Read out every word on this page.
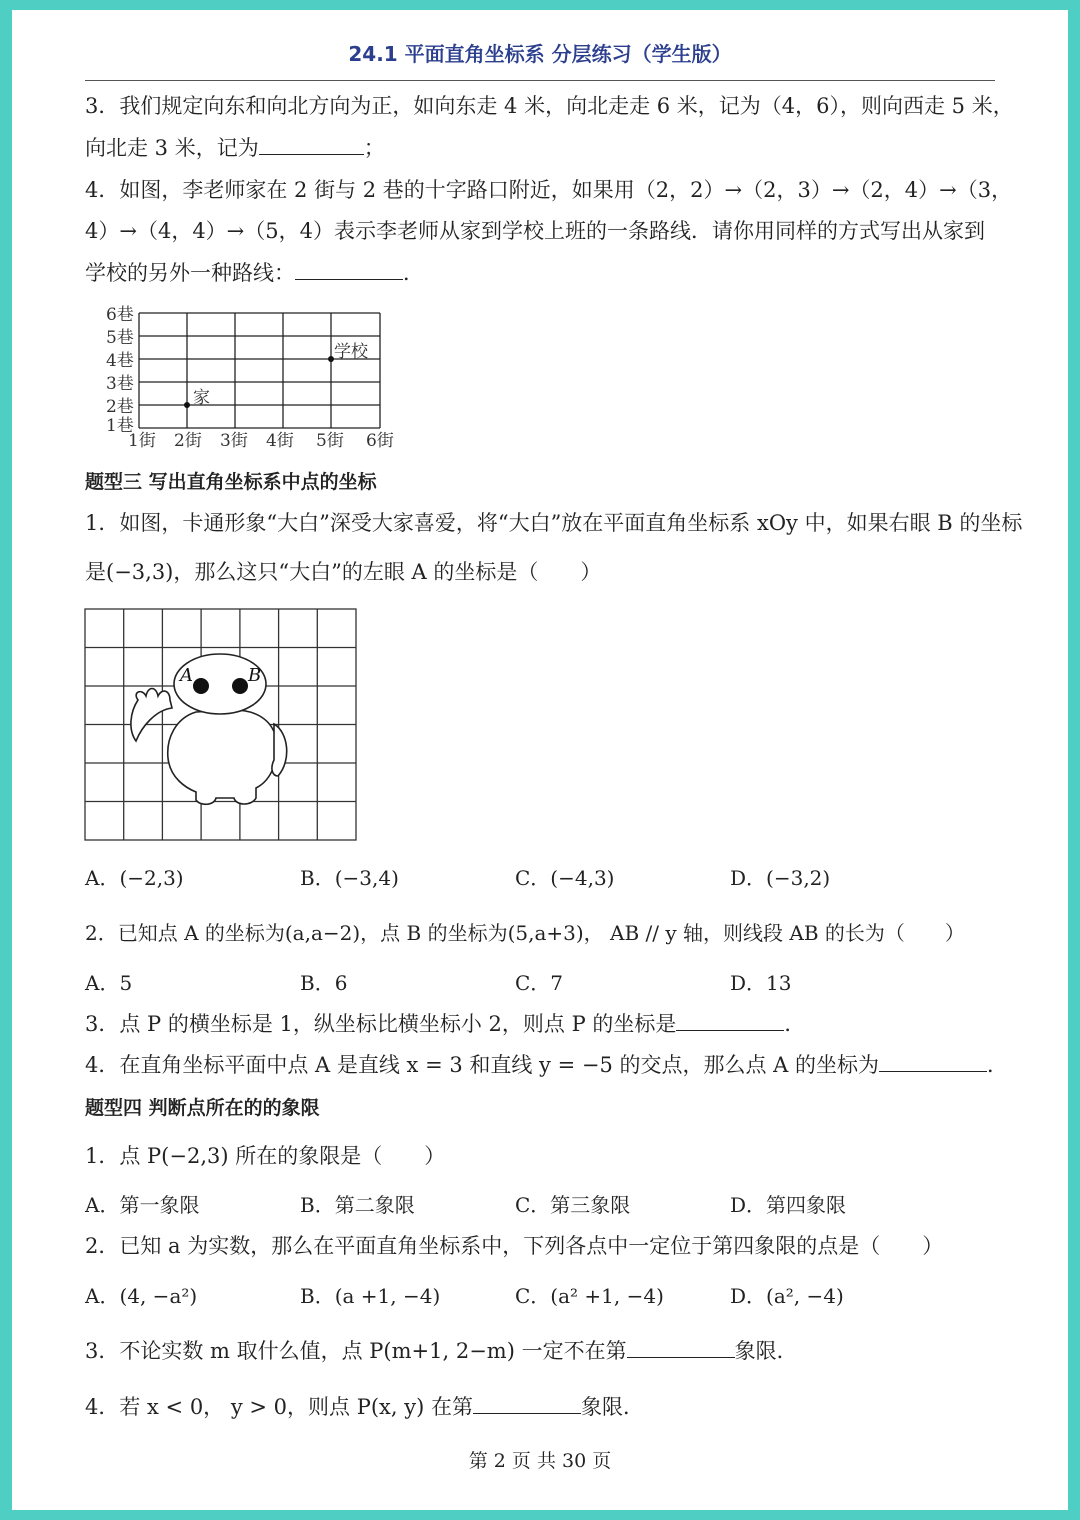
24.1 平面直角坐标系 分层练习（学生版）
3．我们规定向东和向北方向为正，如向东走 4 米，向北走走 6 米，记为（4，6），则向西走 5 米，
向北走 3 米，记为	；
4．如图，李老师家在 2 街与 2 巷的十字路口附近，如果用（2，2）→（2，3）→（2，4）→（3，
4）→（4，4）→（5，4）表示李老师从家到学校上班的一条路线．请你用同样的方式写出从家到
学校的另外一种路线：	．
6巷
5巷
4巷
3巷
2巷
1巷
1街 2街 3街 4街 5街 6街
学校
家
题型三 写出直角坐标系中点的坐标
1．如图，卡通形象“大白”深受大家喜爱，将“大白”放在平面直角坐标系 xOy 中，如果右眼 B 的坐标
是(−3,3)，那么这只“大白”的左眼 A 的坐标是（　　）
A	B
A．(−2,3)	B．(−3,4)	C．(−4,3)	D．(−3,2)
2．已知点 A 的坐标为(a,a−2)，点 B 的坐标为(5,a+3)， AB // y 轴，则线段 AB 的长为（　　）
A．5	B．6	C．7	D．13
3．点 P 的横坐标是 1，纵坐标比横坐标小 2，则点 P 的坐标是	．
4．在直角坐标平面中点 A 是直线 x = 3 和直线 y = −5 的交点，那么点 A 的坐标为	．
题型四 判断点所在的的象限
1．点 P(−2,3) 所在的象限是（　　）
A．第一象限	B．第二象限	C．第三象限	D．第四象限
2．已知 a 为实数，那么在平面直角坐标系中，下列各点中一定位于第四象限的点是（　　）
A．(4, −a²)	B．(a +1, −4)	C．(a² +1, −4)	D．(a², −4)
3．不论实数 m 取什么值，点 P(m+1, 2−m) 一定不在第	象限．
4．若 x < 0， y > 0，则点 P(x, y) 在第	象限．
第 2 页 共 30 页
